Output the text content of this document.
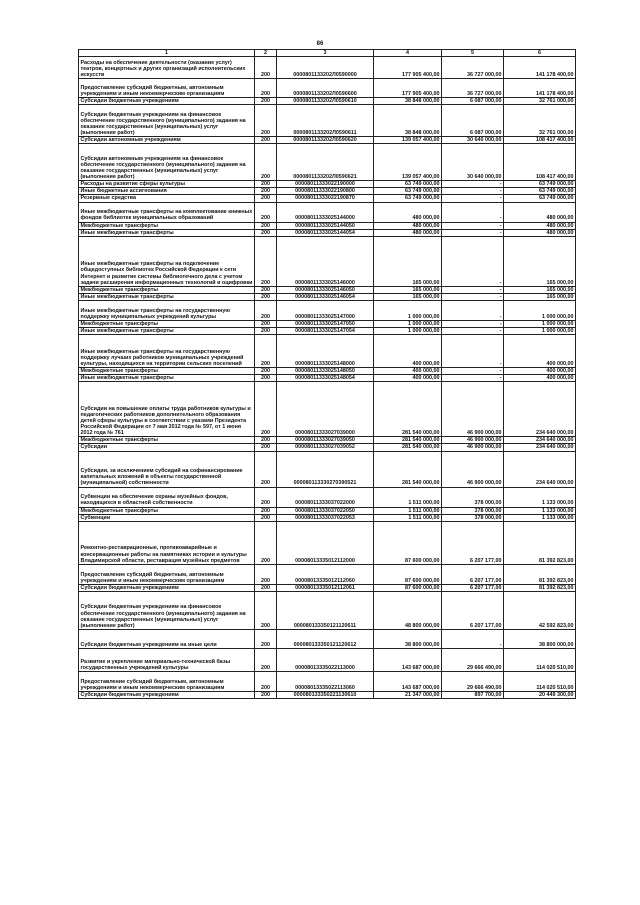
86
1	2	3	4	5	6
Расходы на обеспечение деятельности (оказание услуг) театров, концертных и других организаций исполнительских искусств	200	0000801133202Л0590000	177 905 400,00	36 727 000,00	141 178 400,00
Предоставление субсидий бюджетным, автономным учреждениям и иным некоммерческим организациям	200	0000801133202Л0590600	177 905 400,00	36 727 000,00	141 178 400,00
Субсидии бюджетным учреждениям	200	0000801133202Л0590610	38 848 000,00	6 087 000,00	32 761 000,00
Субсидии бюджетным учреждениям на финансовое обеспечение государственного (муниципального) задания на оказание государственных (муниципальных) услуг (выполнение работ)	200	0000801133202Л0590611	38 848 000,00	6 087 000,00	32 761 000,00
Субсидии автономным учреждениям	200	0000801133202Л0590620	139 057 400,00	30 640 000,00	108 417 400,00
Субсидии автономным учреждениям на финансовое обеспечение государственного (муниципального) задания на оказание государственных (муниципальных) услуг (выполнение работ)	200	0000801133202Л0590621	139 057 400,00	30 640 000,00	108 417 400,00
Расходы на развитие сферы культуры	200	00008011333022190000	63 749 000,00	-	63 749 000,00
Иные бюджетные ассигнования	200	00008011333022190800	63 749 000,00	-	63 749 000,00
Резервные средства	200	00008011333022190870	63 749 000,00	-	63 749 000,00
Иные межбюджетные трансферты на комплектование книжных фондов библиотек муниципальных образований	200	00008011333025144000	480 000,00	-	480 000,00
Межбюджетные трансферты	200	00008011333025144050	480 000,00	-	480 000,00
Иные межбюджетные трансферты	200	00008011333025144054	480 000,00	-	480 000,00
Иные межбюджетные трансферты на подключение общедоступных библиотек Российской Федерации к сети Интернет и развитие системы библиотечного дела с учетом задачи расширения информационных технологий и оцифровки	200	00008011333025146000	165 000,00	-	165 000,00
Межбюджетные трансферты	200	00008011333025146050	165 000,00	-	165 000,00
Иные межбюджетные трансферты	200	00008011333025146054	165 000,00	-	165 000,00
Иные межбюджетные трансферты на государственную поддержку муниципальных учреждений культуры	200	00008011333025147000	1 000 000,00	-	1 000 000,00
Межбюджетные трансферты	200	00008011333025147050	1 000 000,00	-	1 000 000,00
Иные межбюджетные трансферты	200	00008011333025147054	1 000 000,00	-	1 000 000,00
Иные межбюджетные трансферты на государственную поддержку лучших работников муниципальных учреждений культуры, находящихся на территории сельских поселений	200	00008011333025148000	400 000,00	-	400 000,00
Межбюджетные трансферты	200	00008011333025148050	400 000,00	-	400 000,00
Иные межбюджетные трансферты	200	00008011333025148054	400 000,00	-	400 000,00
Субсидии на повышение оплаты труда работников культуры и педагогических работников дополнительного образования детей сферы культуры в соответствии с указами Президента Российской Федерации от 7 мая 2012 года № 597, от 1 июня 2012 года № 761	200	00008011333027039000	281 540 000,00	46 900 000,00	234 640 000,00
Межбюджетные трансферты	200	00008011333027039050	281 540 000,00	46 900 000,00	234 640 000,00
Субсидии	200	00008011333027039052	281 540 000,00	46 900 000,00	234 640 000,00
Субсидии, за исключением субсидий на софинансирование капитальных вложений в объекты государственной (муниципальной) собственности	200	000080113330270390521	281 540 000,00	46 900 000,00	234 640 000,00
Субвенции на обеспечение охраны музейных фондов, находящихся в областной собственности	200	00008011333037022000	1 511 000,00	378 000,00	1 133 000,00
Межбюджетные трансферты	200	00008011333037022050	1 511 000,00	378 000,00	1 133 000,00
Субвенции	200	00008011333037022053	1 511 000,00	378 000,00	1 133 000,00
Ремонтно-реставрационные, противоаварийные и консервационные работы на памятниках истории и культуры Владимирской области, реставрация музейных предметов	200	00008013335012112000	87 600 000,00	6 207 177,00	81 392 823,00
Предоставление субсидий бюджетным, автономным учреждениям и иным некоммерческим организациям	200	00008013335012112060	87 600 000,00	6 207 177,00	81 392 823,00
Субсидии бюджетным учреждениям	200	00008013335012112061	87 600 000,00	6 207 177,00	81 392 823,00
Субсидии бюджетным учреждениям на финансовое обеспечение государственного (муниципального) задания на оказание государственных (муниципальных) услуг (выполнение работ)	200	000080133350121120611	48 800 000,00	6 207 177,00	42 592 823,00
Субсидии бюджетным учреждениям на иные цели	200	000080133350121120612	38 800 000,00	-	38 800 000,00
Развитие и укрепление материально-технической базы государственных учреждений культуры	200	00008013335022113000	143 687 000,00	29 666 490,00	114 020 510,00
Предоставление субсидий бюджетным, автономным учреждениям и иным некоммерческим организациям	200	00008013335022113060	143 687 000,00	29 666 490,00	114 020 510,00
Субсидии бюджетным учреждениям	200	000080133350221130610	21 347 000,00	897 700,00	20 449 300,00
